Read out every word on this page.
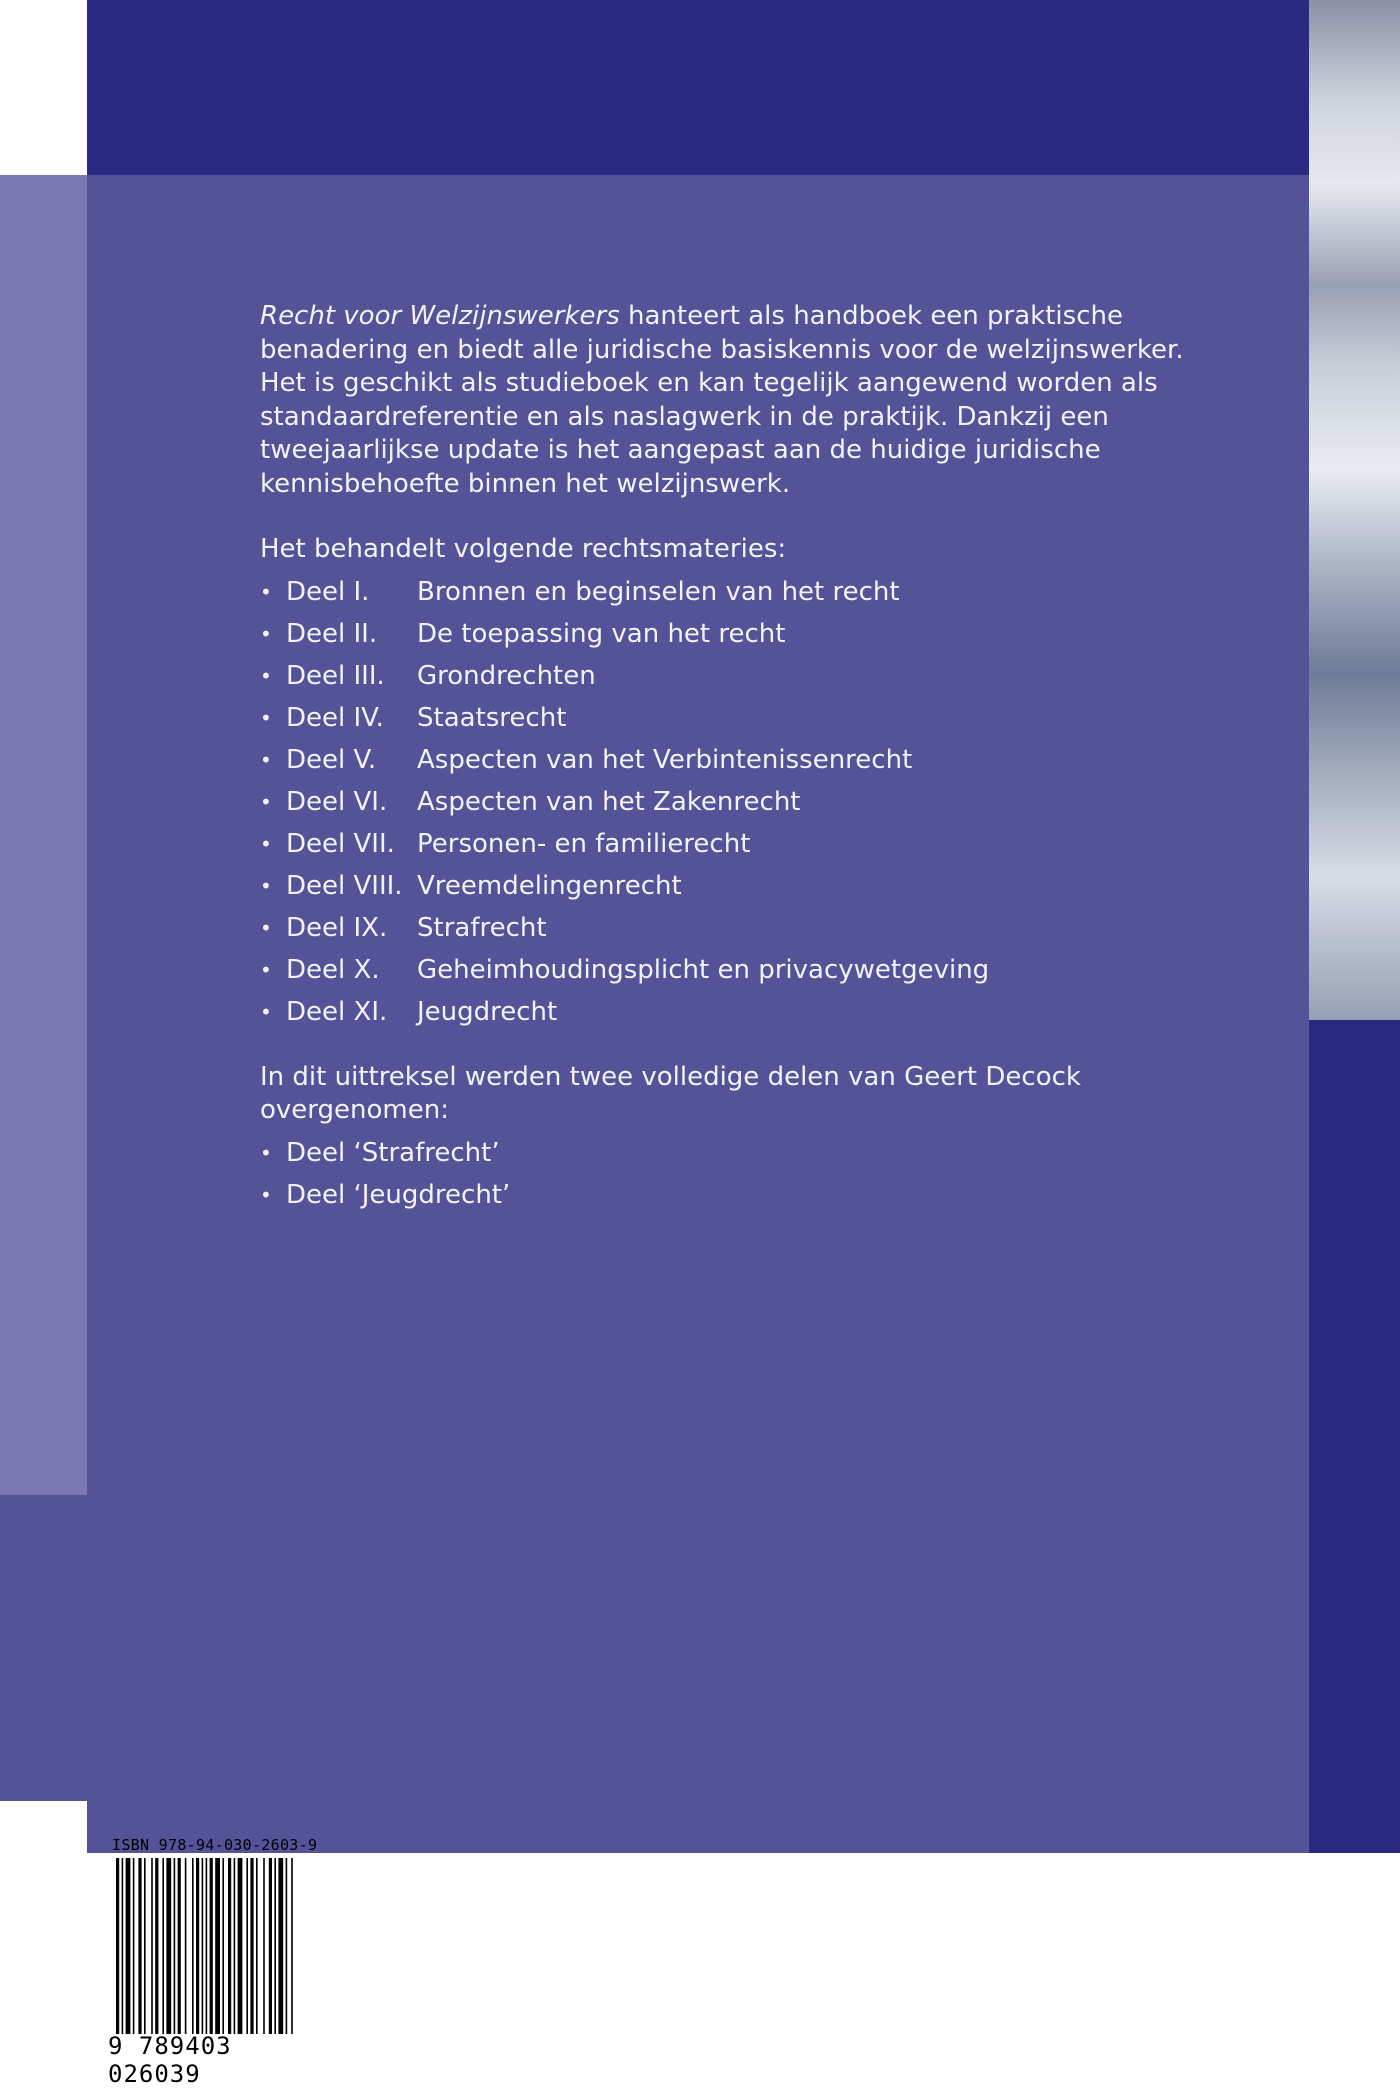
Recht voor Welzijnswerkers hanteert als handboek een praktische benadering en biedt alle juridische basiskennis voor de welzijnswerker. Het is geschikt als studieboek en kan tegelijk aangewend worden als standaardreferentie en als naslagwerk in de praktijk. Dankzij een tweejaarlijkse update is het aangepast aan de huidige juridische kennisbehoefte binnen het welzijnswerk.

Het behandelt volgende rechtsmateries:

• Deel I. Bronnen en beginselen van het recht
• Deel II. De toepassing van het recht
• Deel III. Grondrechten
• Deel IV. Staatsrecht
• Deel V. Aspecten van het Verbintenissenrecht
• Deel VI. Aspecten van het Zakenrecht
• Deel VII. Personen- en familierecht
• Deel VIII. Vreemdelingenrecht
• Deel IX. Strafrecht
• Deel X. Geheimhoudingsplicht en privacywetgeving
• Deel XI. Jeugdrecht

In dit uittreksel werden twee volledige delen van Geert Decock overgenomen:

• Deel ‘Strafrecht’
• Deel ‘Jeugdrecht’
ISBN 978-94-030-2603-9
9 789403 026039
